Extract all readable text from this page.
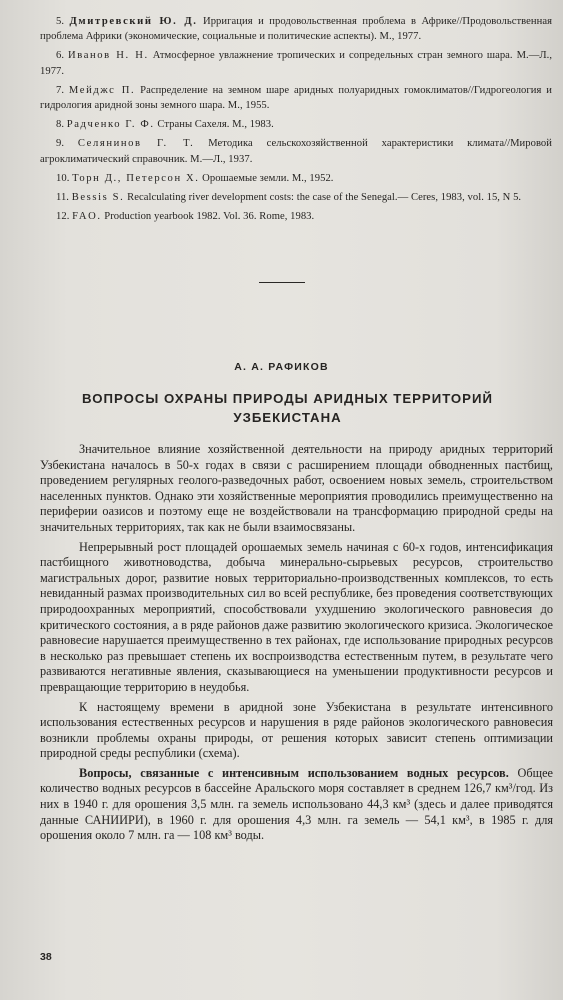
5. Дмитревский Ю. Д. Ирригация и продовольственная проблема в Африке//Продовольственная проблема Африки (экономические, социальные и политические аспекты). М., 1977.

6. Иванов Н. Н. Атмосферное увлажнение тропических и сопредельных стран земного шара. М.—Л., 1977.

7. Мейджс П. Распределение на земном шаре аридных полуаридных гомоклиматов//Гидрогеология и гидрология аридной зоны земного шара. М., 1955.

8. Радченко Г. Ф. Страны Сахеля. М., 1983.

9. Селянинов Г. Т. Методика сельскохозяйственной характеристики климата//Мировой агроклиматический справочник. М.—Л., 1937.

10. Торн Д., Петерсон Х. Орошаемые земли. М., 1952.

11. Bessis S. Recalculating river development costs: the case of the Senegal.— Ceres, 1983, vol. 15, N 5.

12. FAO. Production yearbook 1982. Vol. 36. Rome, 1983.

А. А. РАФИКОВ
ВОПРОСЫ ОХРАНЫ ПРИРОДЫ АРИДНЫХ ТЕРРИТОРИЙ УЗБЕКИСТАНА

Значительное влияние хозяйственной деятельности на природу аридных территорий Узбекистана началось в 50-х годах в связи с расширением площади обводненных пастбищ, проведением регулярных геолого-разведочных работ, освоением новых земель, строительством населенных пунктов. Однако эти хозяйственные мероприятия проводились преимущественно на периферии оазисов и поэтому еще не воздействовали на трансформацию природной среды на значительных территориях, так как не были взаимосвязаны.

Непрерывный рост площадей орошаемых земель начиная с 60-х годов, интенсификация пастбищного животноводства, добыча минерально-сырьевых ресурсов, строительство магистральных дорог, развитие новых территориально-производственных комплексов, то есть невиданный размах производительных сил во всей республике, без проведения соответствующих природоохранных мероприятий, способствовали ухудшению экологического равновесия до критического состояния, а в ряде районов даже развитию экологического кризиса. Экологическое равновесие нарушается преимущественно в тех районах, где использование природных ресурсов в несколько раз превышает степень их воспроизводства естественным путем, в результате чего развиваются негативные явления, сказывающиеся на уменьшении продуктивности ресурсов и превращающие территорию в неудобья.

К настоящему времени в аридной зоне Узбекистана в результате интенсивного использования естественных ресурсов и нарушения в ряде районов экологического равновесия возникли проблемы охраны природы, от решения которых зависит степень оптимизации природной среды республики (схема).

Вопросы, связанные с интенсивным использованием водных ресурсов. Общее количество водных ресурсов в бассейне Аральского моря составляет в среднем 126,7 км³/год. Из них в 1940 г. для орошения 3,5 млн. га земель использовано 44,3 км³ (здесь и далее приводятся данные САНИИРИ), в 1960 г. для орошения 4,3 млн. га земель — 54,1 км³, в 1985 г. для орошения около 7 млн. га — 108 км³ воды.

38
